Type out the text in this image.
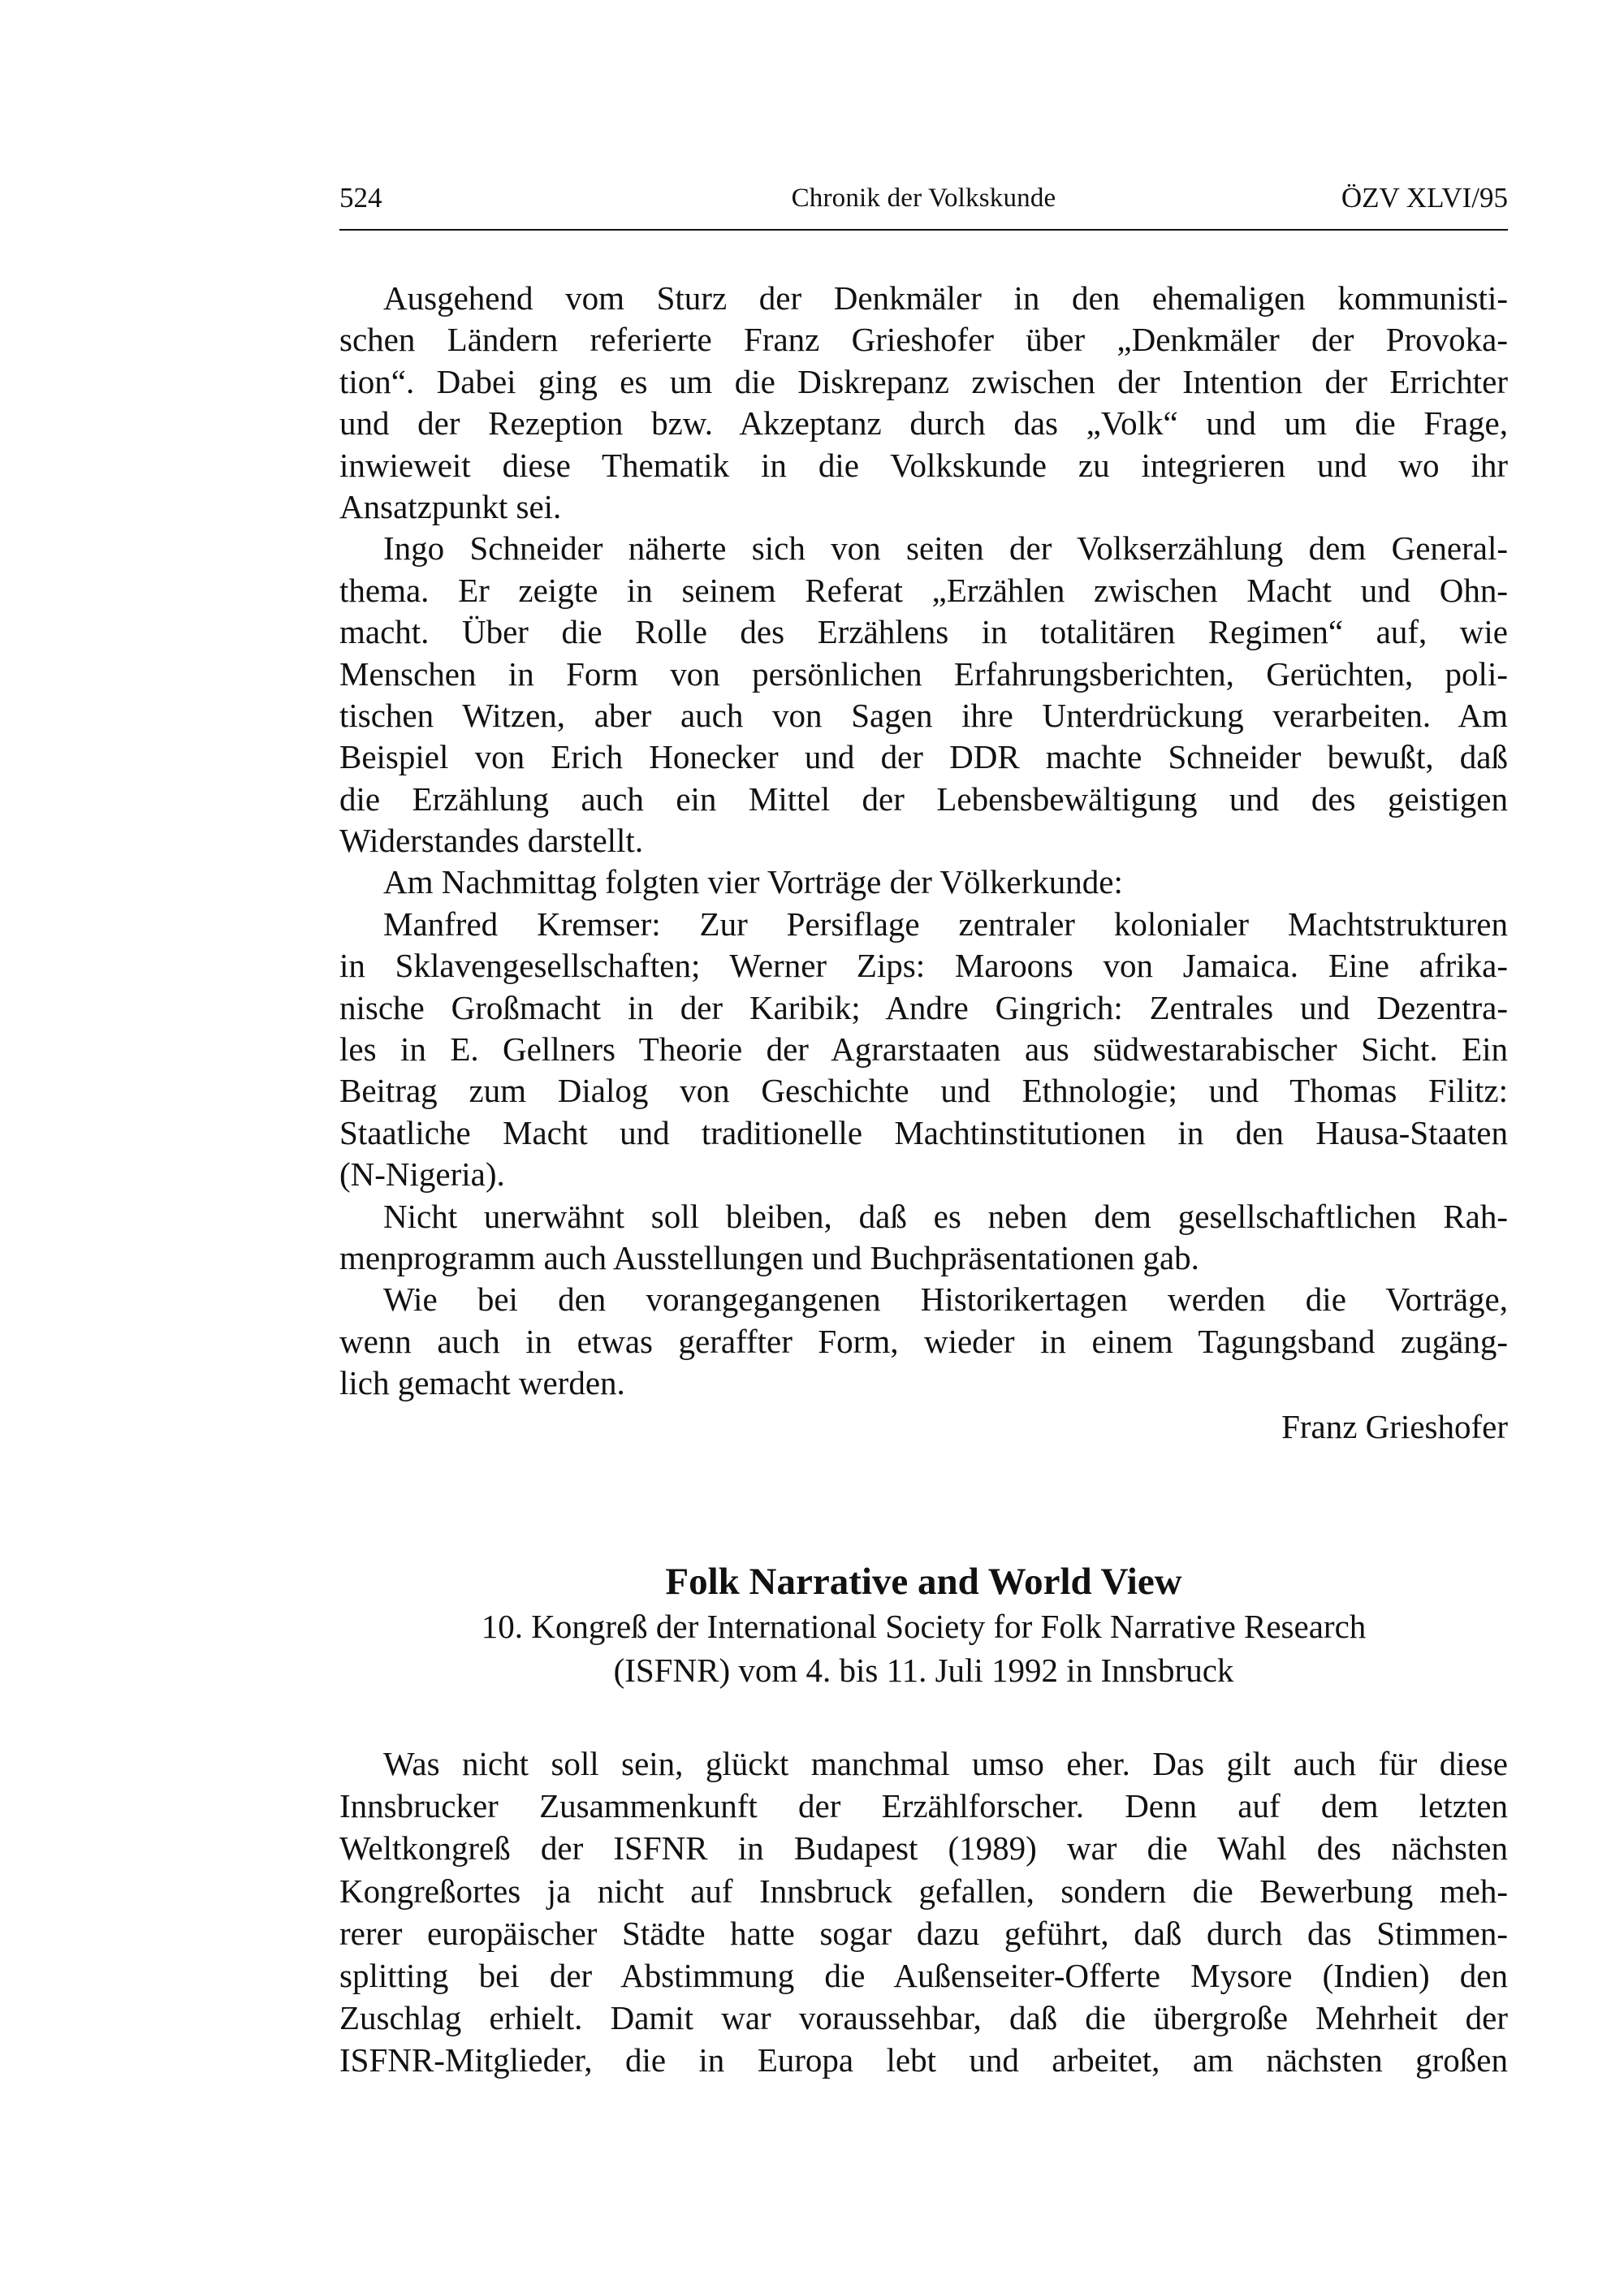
524	Chronik der Volkskunde	ÖZV XLVI/95
Ausgehend vom Sturz der Denkmäler in den ehemaligen kommunisti-
schen Ländern referierte Franz Grieshofer über „Denkmäler der Provoka-
tion“. Dabei ging es um die Diskrepanz zwischen der Intention der Errichter
und der Rezeption bzw. Akzeptanz durch das „Volk“ und um die Frage,
inwieweit diese Thematik in die Volkskunde zu integrieren und wo ihr
Ansatzpunkt sei.
Ingo Schneider näherte sich von seiten der Volkserzählung dem General-
thema. Er zeigte in seinem Referat „Erzählen zwischen Macht und Ohn-
macht. Über die Rolle des Erzählens in totalitären Regimen“ auf, wie
Menschen in Form von persönlichen Erfahrungsberichten, Gerüchten, poli-
tischen Witzen, aber auch von Sagen ihre Unterdrückung verarbeiten. Am
Beispiel von Erich Honecker und der DDR machte Schneider bewußt, daß
die Erzählung auch ein Mittel der Lebensbewältigung und des geistigen
Widerstandes darstellt.
Am Nachmittag folgten vier Vorträge der Völkerkunde:
Manfred Kremser: Zur Persiflage zentraler kolonialer Machtstrukturen
in Sklavengesellschaften; Werner Zips: Maroons von Jamaica. Eine afrika-
nische Großmacht in der Karibik; Andre Gingrich: Zentrales und Dezentra-
les in E. Gellners Theorie der Agrarstaaten aus südwestarabischer Sicht. Ein
Beitrag zum Dialog von Geschichte und Ethnologie; und Thomas Filitz:
Staatliche Macht und traditionelle Machtinstitutionen in den Hausa-Staaten
(N-Nigeria).
Nicht unerwähnt soll bleiben, daß es neben dem gesellschaftlichen Rah-
menprogramm auch Ausstellungen und Buchpräsentationen gab.
Wie bei den vorangegangenen Historikertagen werden die Vorträge,
wenn auch in etwas geraffter Form, wieder in einem Tagungsband zugäng-
lich gemacht werden.
Franz Grieshofer
Folk Narrative and World View
10. Kongreß der International Society for Folk Narrative Research
(ISFNR) vom 4. bis 11. Juli 1992 in Innsbruck
Was nicht soll sein, glückt manchmal umso eher. Das gilt auch für diese
Innsbrucker Zusammenkunft der Erzählforscher. Denn auf dem letzten
Weltkongreß der ISFNR in Budapest (1989) war die Wahl des nächsten
Kongreßortes ja nicht auf Innsbruck gefallen, sondern die Bewerbung meh-
rerer europäischer Städte hatte sogar dazu geführt, daß durch das Stimmen-
splitting bei der Abstimmung die Außenseiter-Offerte Mysore (Indien) den
Zuschlag erhielt. Damit war voraussehbar, daß die übergroße Mehrheit der
ISFNR-Mitglieder, die in Europa lebt und arbeitet, am nächsten großen
